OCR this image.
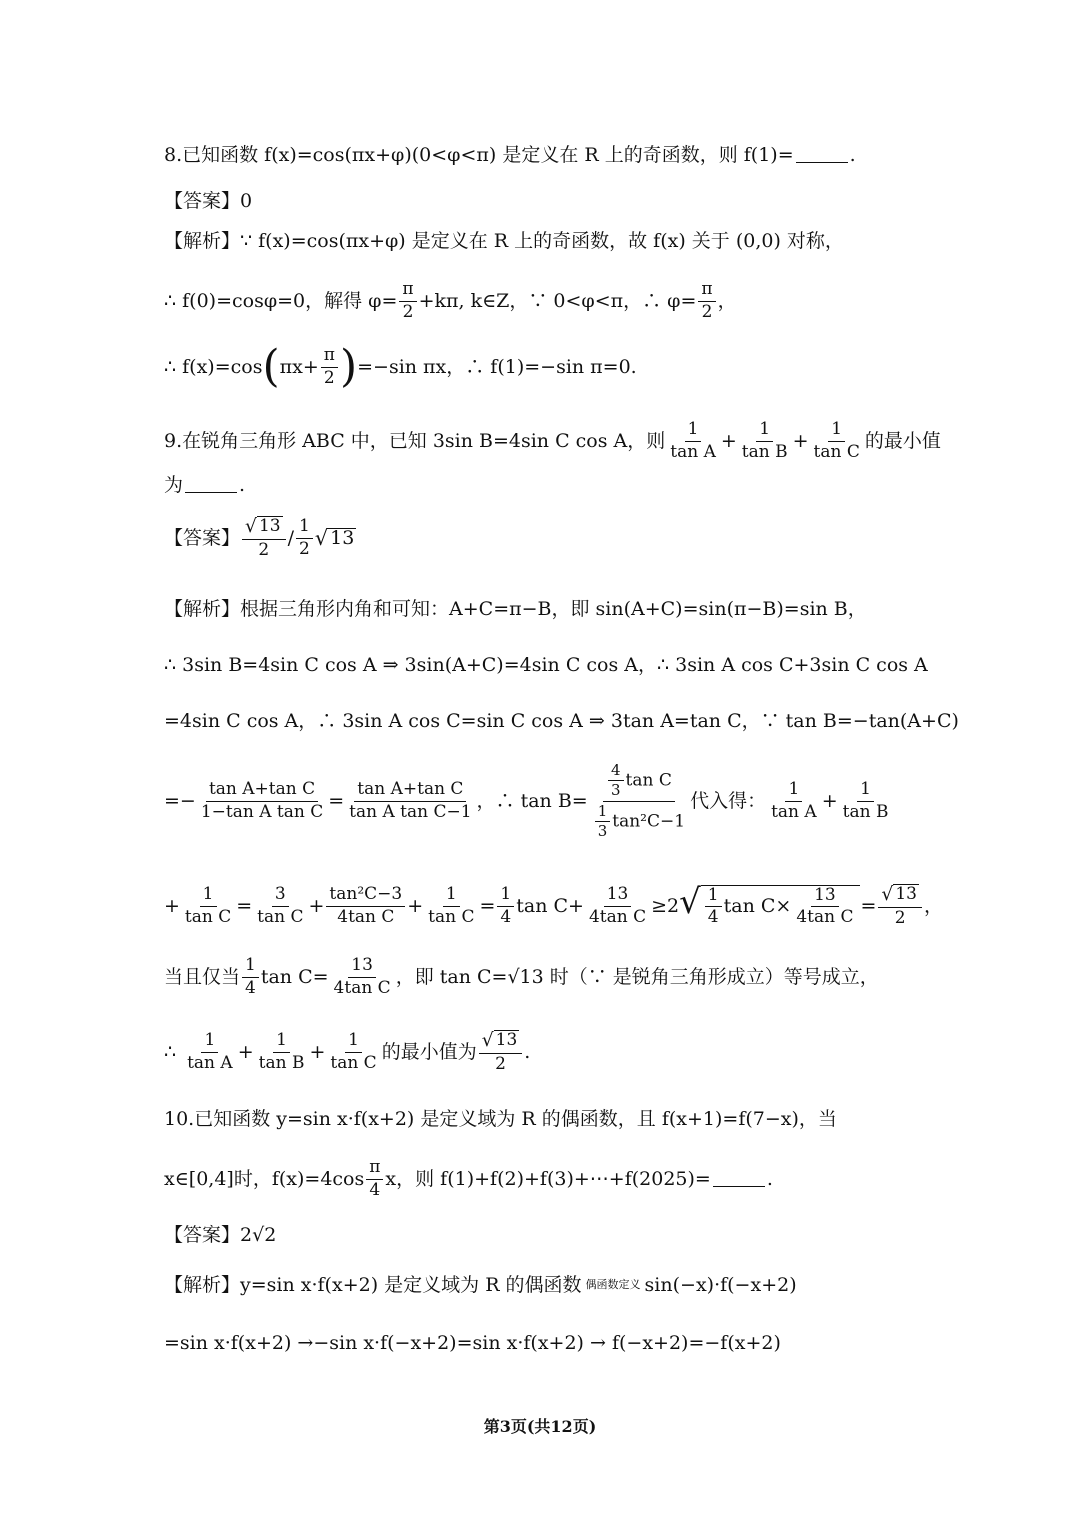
8.已知函数 f(x)=cos(πx+φ)(0<φ<π) 是定义在 R 上的奇函数，则 f(1)=	.
【答案】 0
【解析】 ∵ f(x)=cos(πx+φ) 是定义在 R 上的奇函数，故 f(x) 关于 (0,0) 对称，
∴ f(0)=cosφ=0，解得 $\varphi= \frac{\pi}{2} +k\pi$, k∈Z，∵ 0<φ<π，∴ $\varphi= \frac{\pi}{2}$ ，
∴ f(x)=cos ( $\pi x+ \frac{\pi}{2}$ ) =−sin πx，∴ f(1)=−sin π=0.
9.在锐角三角形 ABC 中，已知 3sin B=4sin C cos A，则 $\frac{1}{\text{tan A}} + \frac{1}{\text{tan B}} + \frac{1}{\text{tan C}}$ 的最小值
为	.
【答案】 $\frac{√ 13}{2} / \frac{1}{2}$ √ 13
【解析】 根据三角形内角和可知：A+C=π−B，即 sin(A+C)=sin(π−B)=sin B，
∴ 3sin B=4sin C cos A ⇒ 3sin(A+C)=4sin C cos A，∴ 3sin A cos C+3sin C cos A
=4sin C cos A，∴ 3sin A cos C=sin C cos A ⇒ 3tan A=tan C，∵ tan B=−tan(A+C)
=− $\frac{\text{tan A+tan C}}{\text{1−tan A tan C}} = \frac{\text{tan A+tan C}}{\text{tan A tan C−1}}$ ，∴ $\tan B= \frac{\frac{4}{3} \tan C}{\frac{1}{3} \tan^2C-1}$ 代入得： $\frac{1}{\text{tan A}} + \frac{1}{\text{tan B}}$
+ $\frac{1}{\text{tan C}} = \frac{3}{\text{tan C}} + \frac{\text{tan²C−3}}{\text{4tan C}} + \frac{1}{\text{tan C}} = \frac{1}{4}$ $\tan C+ \frac{13}{\text{4tan C}} \ge 2$ √ $\frac{1}{4}$ $\tan C\times \frac{13}{\text{4tan C}} = \frac{√ 13}{2}$ ，
当且仅当 $\frac{1}{4}$ $\tan C= \frac{13}{\text{4tan C}}$ ，即 tan C=√13 时（∵ 是锐角三角形成立）等号成立，
∴ $\frac{1}{\text{tan A}} + \frac{1}{\text{tan B}} + \frac{1}{\text{tan C}}$ 的最小值为 $\frac{√ 13}{2}$ .
10.已知函数 y=sin x·f(x+2) 是定义域为 R 的偶函数，且 f(x+1)=f(7−x)，当
x∈[0,4]时，$f(x)=4\cos \frac{\pi}{4}$ x，则 f(1)+f(2)+f(3)+⋯+f(2025)=	.
【答案】 2√2
【解析】 y=sin x·f(x+2) 是定义域为 R 的偶函数 偶函数定义 sin(−x)·f(−x+2)
=sin x·f(x+2) →−sin x·f(−x+2)=sin x·f(x+2) → f(−x+2)=−f(x+2)
第3页(共12页)
